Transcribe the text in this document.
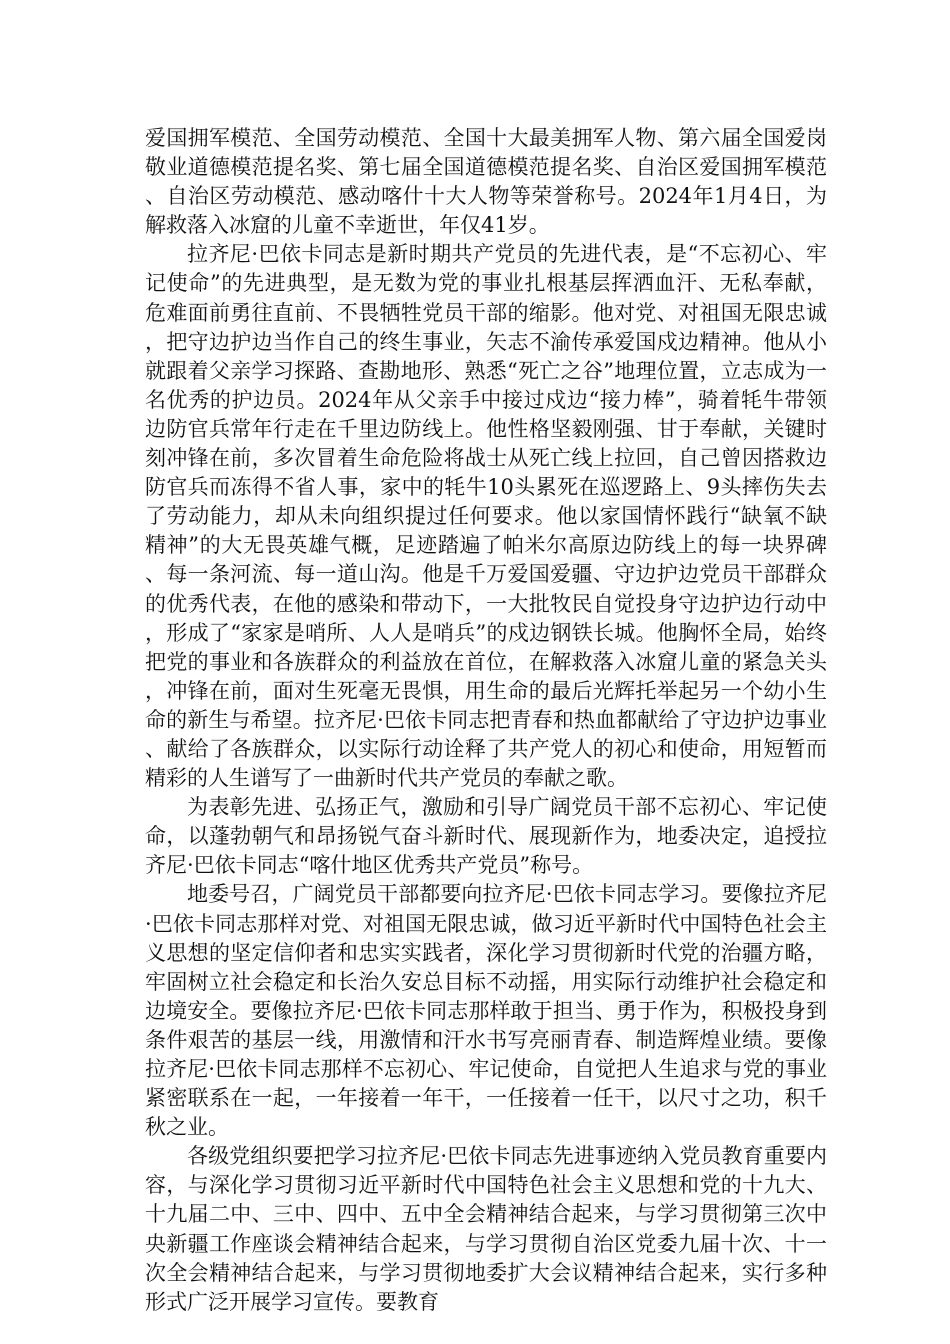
爱国拥军模范、全国劳动模范、全国十大最美拥军人物、第六届全国爱岗敬业道德模范提名奖、第七届全国道德模范提名奖、自治区爱国拥军模范、自治区劳动模范、感动喀什十大人物等荣誉称号。2024年1月4日，为解救落入冰窟的儿童不幸逝世，年仅41岁。

拉齐尼·巴依卡同志是新时期共产党员的先进代表，是“不忘初心、牢记使命”的先进典型，是无数为党的事业扎根基层挥洒血汗、无私奉献，危难面前勇往直前、不畏牺牲党员干部的缩影。他对党、对祖国无限忠诚，把守边护边当作自己的终生事业，矢志不渝传承爱国戍边精神。他从小就跟着父亲学习探路、查勘地形、熟悉“死亡之谷”地理位置，立志成为一名优秀的护边员。2024年从父亲手中接过戍边“接力棒”，骑着牦牛带领边防官兵常年行走在千里边防线上。他性格坚毅刚强、甘于奉献，关键时刻冲锋在前，多次冒着生命危险将战士从死亡线上拉回，自己曾因搭救边防官兵而冻得不省人事，家中的牦牛10头累死在巡逻路上、9头摔伤失去了劳动能力，却从未向组织提过任何要求。他以家国情怀践行“缺氧不缺精神”的大无畏英雄气概，足迹踏遍了帕米尔高原边防线上的每一块界碑、每一条河流、每一道山沟。他是千万爱国爱疆、守边护边党员干部群众的优秀代表，在他的感染和带动下，一大批牧民自觉投身守边护边行动中，形成了“家家是哨所、人人是哨兵”的戍边钢铁长城。他胸怀全局，始终把党的事业和各族群众的利益放在首位，在解救落入冰窟儿童的紧急关头，冲锋在前，面对生死毫无畏惧，用生命的最后光辉托举起另一个幼小生命的新生与希望。拉齐尼·巴依卡同志把青春和热血都献给了守边护边事业、献给了各族群众，以实际行动诠释了共产党人的初心和使命，用短暂而精彩的人生谱写了一曲新时代共产党员的奉献之歌。

为表彰先进、弘扬正气，激励和引导广阔党员干部不忘初心、牢记使命，以蓬勃朝气和昂扬锐气奋斗新时代、展现新作为，地委决定，追授拉齐尼·巴依卡同志“喀什地区优秀共产党员”称号。

地委号召，广阔党员干部都要向拉齐尼·巴依卡同志学习。要像拉齐尼·巴依卡同志那样对党、对祖国无限忠诚，做习近平新时代中国特色社会主义思想的坚定信仰者和忠实实践者，深化学习贯彻新时代党的治疆方略，牢固树立社会稳定和长治久安总目标不动摇，用实际行动维护社会稳定和边境安全。要像拉齐尼·巴依卡同志那样敢于担当、勇于作为，积极投身到条件艰苦的基层一线，用激情和汗水书写亮丽青春、制造辉煌业绩。要像拉齐尼·巴依卡同志那样不忘初心、牢记使命，自觉把人生追求与党的事业紧密联系在一起，一年接着一年干，一任接着一任干，以尺寸之功，积千秋之业。

各级党组织要把学习拉齐尼·巴依卡同志先进事迹纳入党员教育重要内容，与深化学习贯彻习近平新时代中国特色社会主义思想和党的十九大、十九届二中、三中、四中、五中全会精神结合起来，与学习贯彻第三次中央新疆工作座谈会精神结合起来，与学习贯彻自治区党委九届十次、十一次全会精神结合起来，与学习贯彻地委扩大会议精神结合起来，实行多种形式广泛开展学习宣传。要教育
